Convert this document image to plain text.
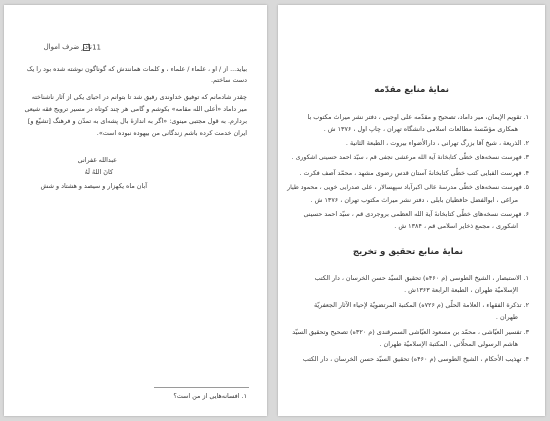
11
نادر ضرف اموال
بیاید... از / او ، علماء / علماء ، و کلمات همانندش که گوناگون نوشته شده بود را یک
دست ساختم.
چقدر شادمانم که توفیق خداوندی رفیق شد تا بتوانم در احیای یکی از آثار ناشناخته
میر داماد «أعلی الله مقامه» بکوشم و گامی هر چند کوتاه در مسیر ترویج فقه شیعی
بردارم. به قول مجتبی مینوی: «اگر به اندازهٔ بال پشه‌ای به تمدّن و فرهنگ [تشیّع و]
ایران خدمت کرده باشم زندگانی من بیهوده نبوده است».
عبدالله غفرانی
کانَ اللهُ لَهُ
آبان ماه یکهزار و سیصد و هشتاد و شش
۱. افسانه‌هایی از من است؟
نمایهٔ منابع مقدّمه
۱. تقویم الإیمان، میر داماد، تصحیح و مقدّمه علی اوجبی ، دفتر نشر میراث مکتوب با
همکاری مؤسّسهٔ مطالعات اسلامی دانشگاه تهران ، چاپ اول ، ۱۳۷۶ ش .
۲. الذریعة ، شیخ آقا بزرگ تهرانی ، دارالأضواء بیروت ، الطبعة الثانیة .
۳. فهرست نسخه‌های خطّی کتابخانهٔ آیة الله مرعشی نجفی قم ، سیّد احمد حسینی اشکوری .
۴. فهرست الفبایی کتب خطّی کتابخانهٔ آستان قدس رضوی مشهد ، محمّد آصف فکرت .
۵. فهرست نسخه‌های خطّی مدرسهٔ عالی ‌اکبرآباد سپهسالار ، علی صدرایی خویی ، محمود طیار
مراغی ، ابوالفضل حافظیان بابلی ، دفتر نشر میراث مکتوب تهران ، ۱۳۷۶ ش .
۶. فهرست نسخه‌های خطّی کتابخانهٔ آیة الله العظمی بروجردی قم ، سیّد احمد حسینی
اشکوری ، مجمع ذخایر اسلامی قم ، ۱۳۸۴ ش .
نمایهٔ منابع تحقیق و تخریج
۱. الاستبصار ، الشیخ الطوسی (م ۴۶۰ه) تحقیق السیّد حسن الخرسان ، دار الکتب
الإسلامیّة طهران ، الطبعة الرابعة ۱۳۶۳ش .
۲. تذکرة الفقهاء ، العلامة الحلّی (م ۷۲۶ه) المکتبة المرتضویّة لإحیاء الآثار الجعفریّة
طهران .
۳. تفسیر العیّاشی ، محمّد بن مسعود العیّاشی السمرقندی (م ۳۲۰ه) تصحیح وتحقیق السیّد
هاشم الرسولی المحلّاتی ، المکتبة الإسلامیّة طهران .
۴. تهذیب الأحکام ، الشیخ الطوسی (م ۴۶۰ه) تحقیق السیّد حسن الخرسان ، دار الکتب
